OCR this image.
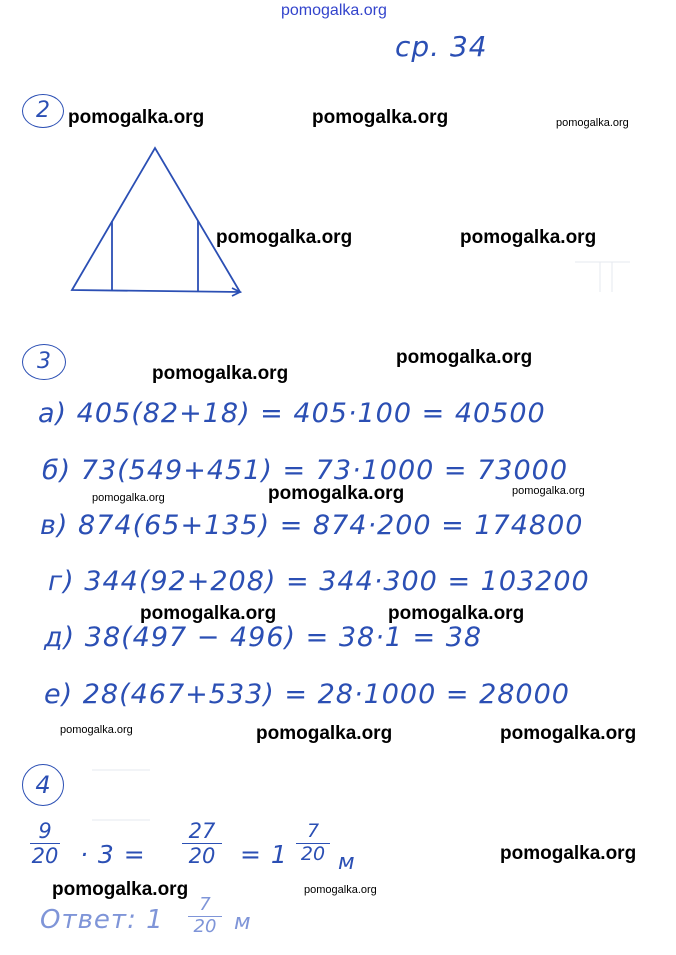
pomogalka.org
ср. 34
2
3
а) 405(82+18) = 405·100 = 40500
б) 73(549+451) = 73·1000 = 73000
в) 874(65+135) = 874·200 = 174800
г) 344(92+208) = 344·300 = 103200
д) 38(497 − 496) = 38·1 = 38
е) 28(467+533) = 28·1000 = 28000
4
9
20 · 3 =
27
20 = 1
7
20 м
Ответ: 1
7
20 м
pomogalka.org	pomogalka.org	pomogalka.org
pomogalka.org	pomogalka.org
pomogalka.org
pomogalka.org
pomogalka.org	pomogalka.org	pomogalka.org
pomogalka.org	pomogalka.org
pomogalka.org	pomogalka.org	pomogalka.org
pomogalka.org
pomogalka.org	pomogalka.org
